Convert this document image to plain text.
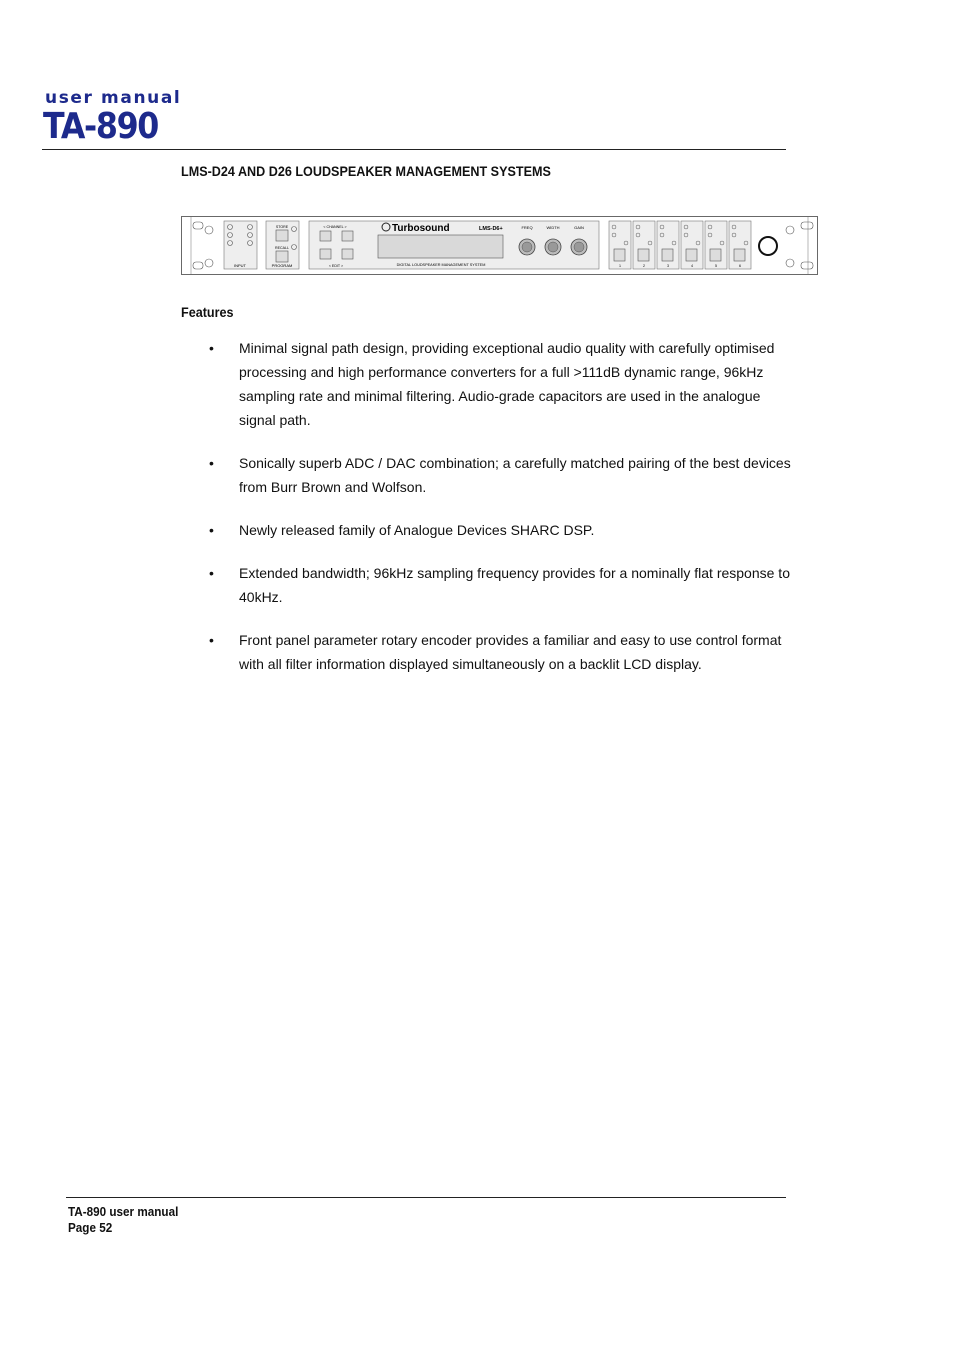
user manual
TA-890
LMS-D24 AND D26 LOUDSPEAKER MANAGEMENT SYSTEMS
INPUT
STORE
RECALL
PROGRAM
< CHANNEL >
< EDIT >
Turbosound	LMS-D6+
DIGITAL LOUDSPEAKER MANAGEMENT SYSTEM
FREQ	WIDTH	GAIN
1	2	3	4	5	6
Features
• Minimal signal path design, providing exceptional audio quality with carefully optimised processing and high performance converters for a full >111dB dynamic range, 96kHz sampling rate and minimal filtering. Audio-grade capacitors are used in the analogue signal path.
• Sonically superb ADC / DAC combination; a carefully matched pairing of the best devices from Burr Brown and Wolfson.
• Newly released family of Analogue Devices SHARC DSP.
• Extended bandwidth; 96kHz sampling frequency provides for a nominally flat response to 40kHz.
• Front panel parameter rotary encoder provides a familiar and easy to use control format with all filter information displayed simultaneously on a backlit LCD display.
TA-890 user manual
Page 52
